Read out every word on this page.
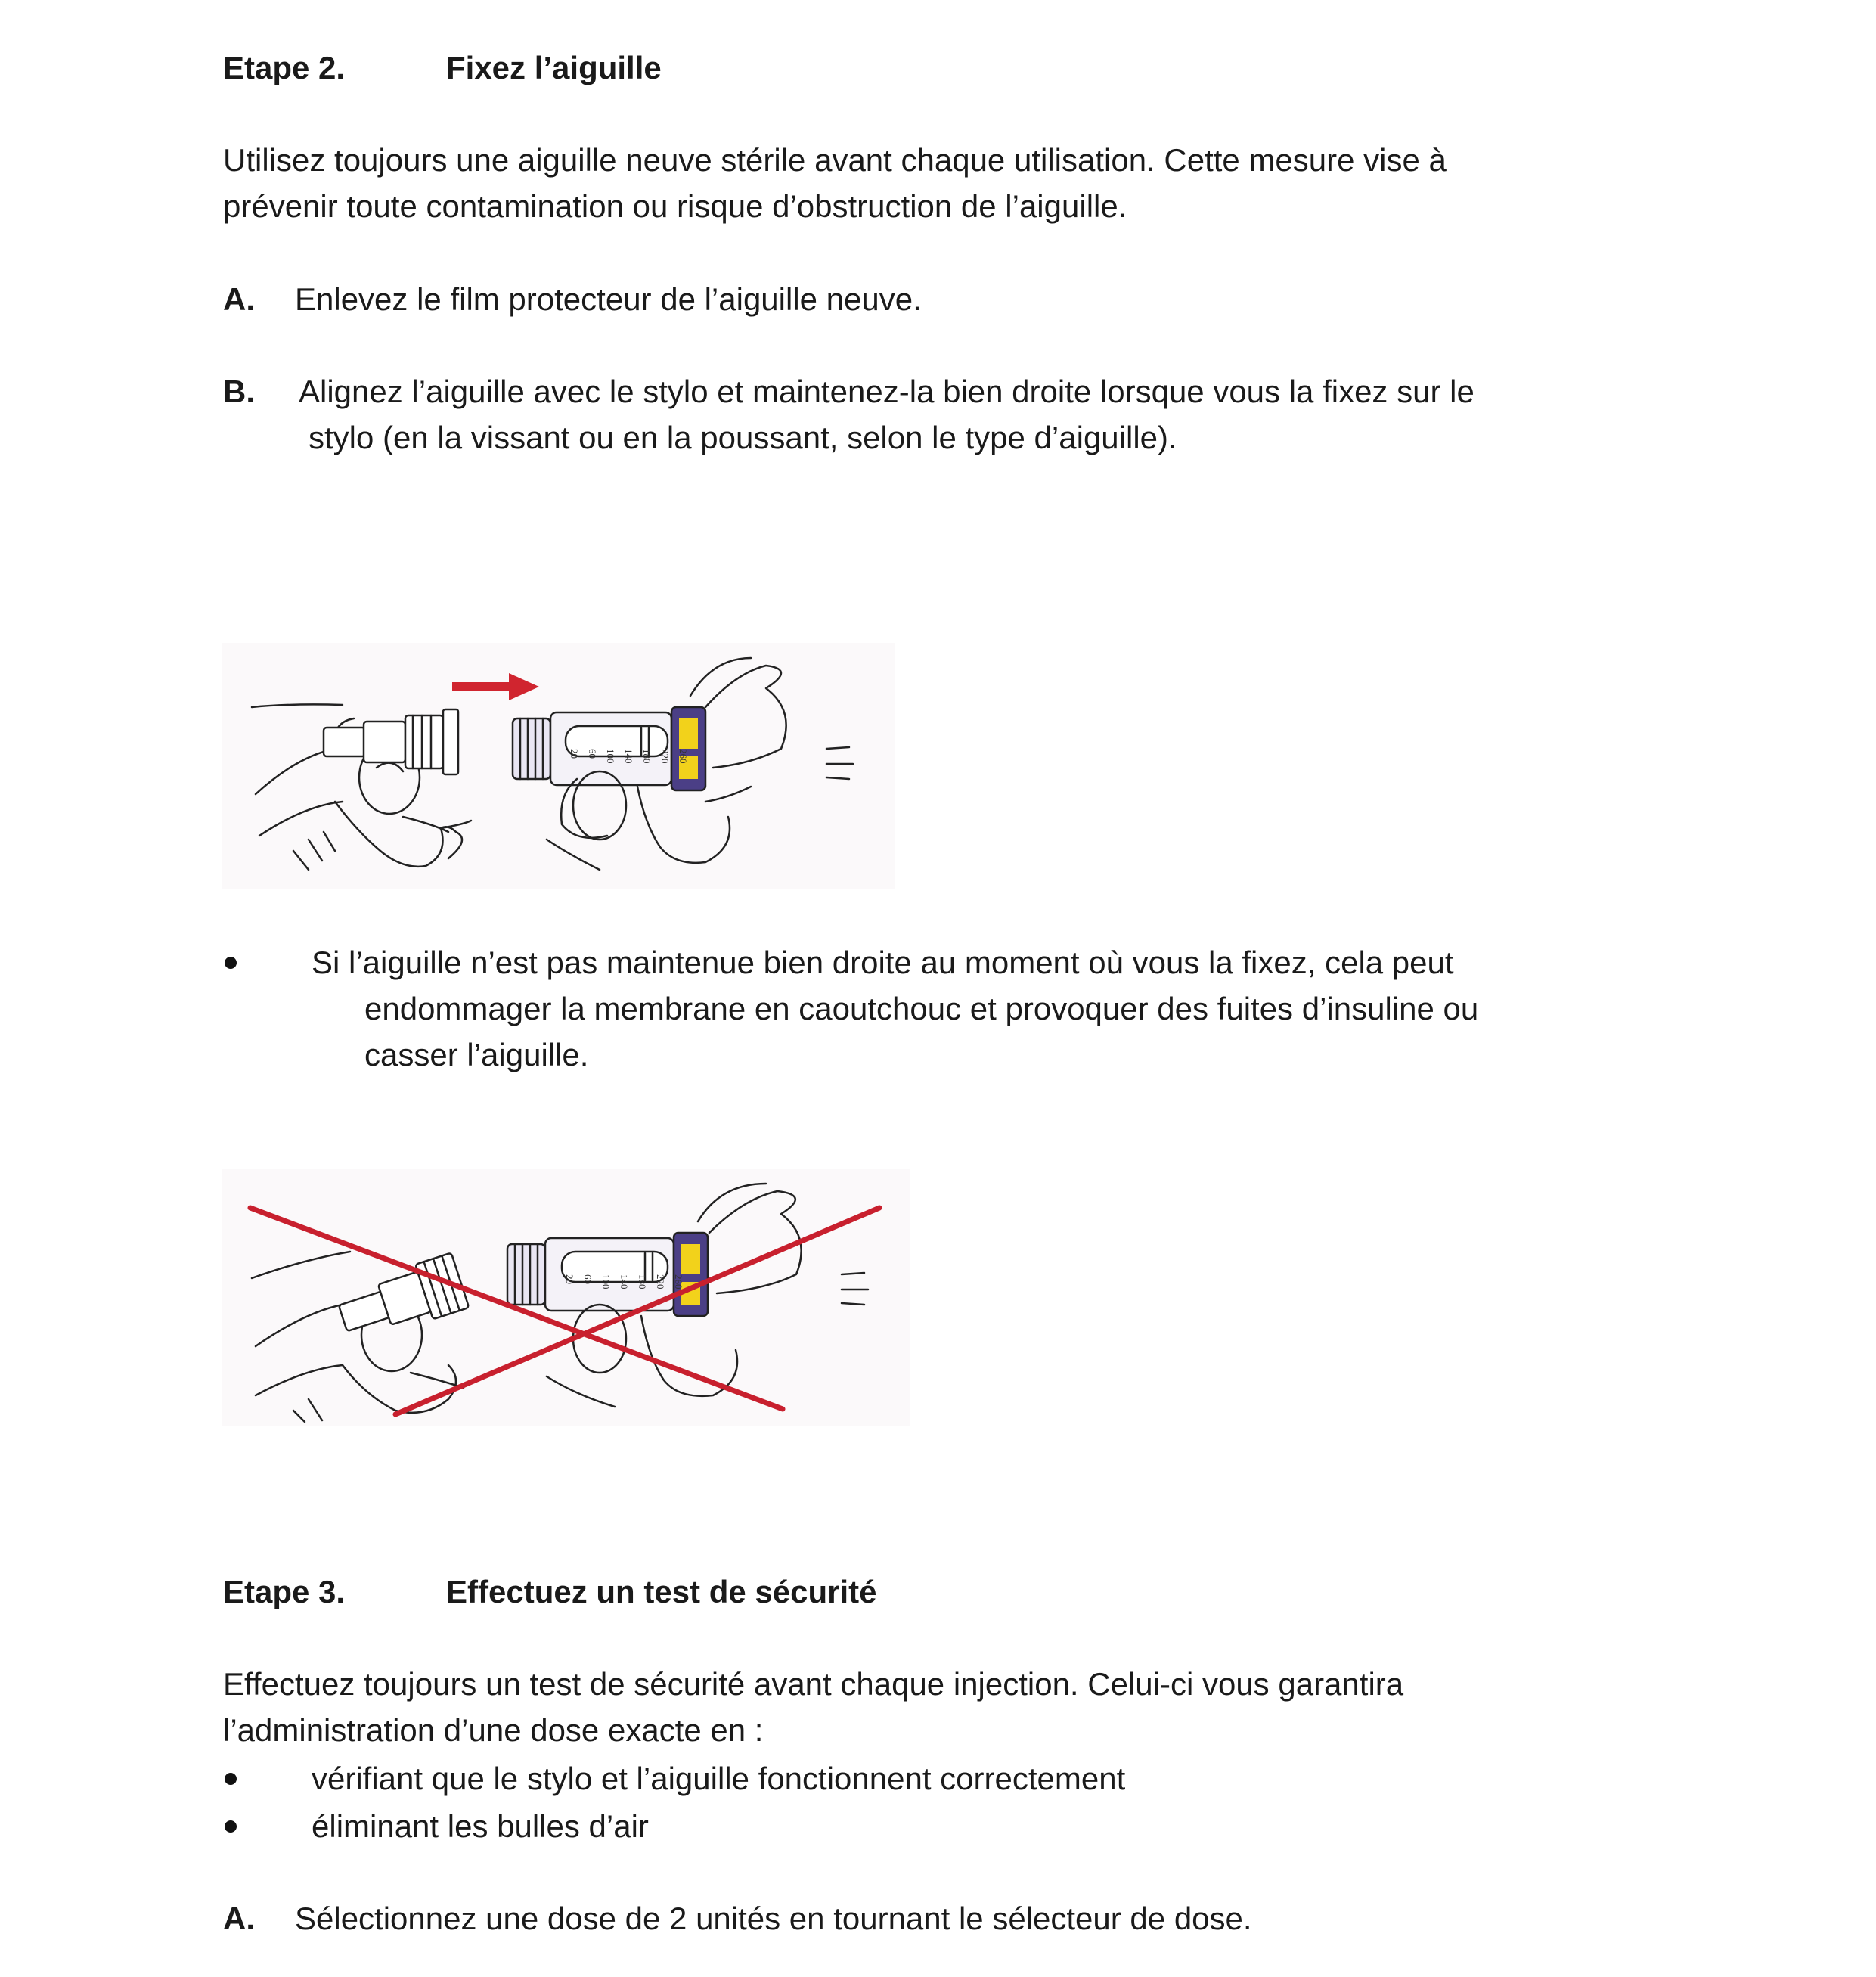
Etape 2.	Fixez l’aiguille
Utilisez toujours une aiguille neuve stérile avant chaque utilisation. Cette mesure vise à
prévenir toute contamination ou risque d’obstruction de l’aiguille.
A. Enlevez le film protecteur de l’aiguille neuve.
B. Alignez l’aiguille avec le stylo et maintenez-la bien droite lorsque vous la fixez sur le
stylo (en la vissant ou en la poussant, selon le type d’aiguille).
20 60 100 140 180 220 260
Si l’aiguille n’est pas maintenue bien droite au moment où vous la fixez, cela peut
endommager la membrane en caoutchouc et provoquer des fuites d’insuline ou
casser l’aiguille.
20 60 100 140 180 220 260
Etape 3.	Effectuez un test de sécurité
Effectuez toujours un test de sécurité avant chaque injection. Celui-ci vous garantira
l’administration d’une dose exacte en :
vérifiant que le stylo et l’aiguille fonctionnent correctement
éliminant les bulles d’air
A. Sélectionnez une dose de 2 unités en tournant le sélecteur de dose.
